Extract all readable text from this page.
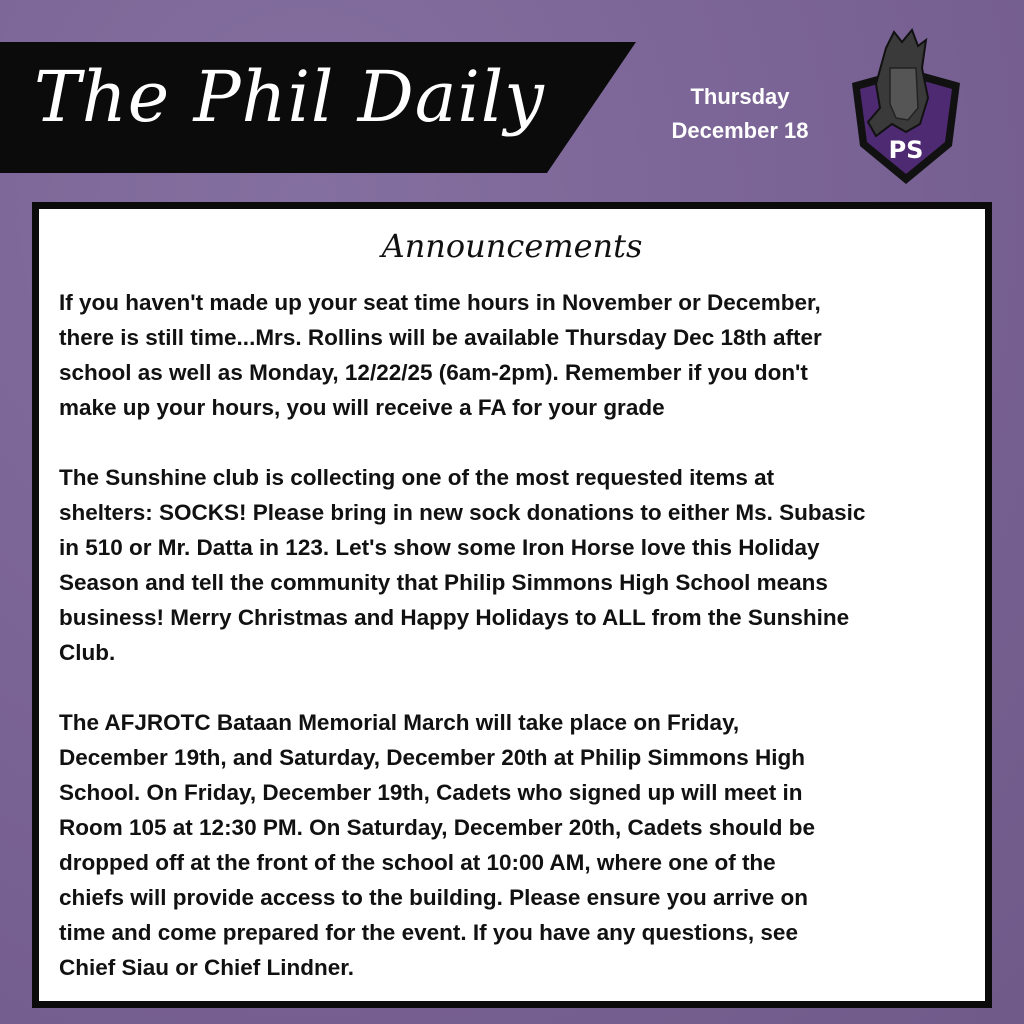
The Phil Daily	Thursday
December 18
PS
Announcements
If you haven't made up your seat time hours in November or December,
there is still time...Mrs. Rollins will be available Thursday Dec 18th after
school as well as Monday, 12/22/25 (6am-2pm). Remember if you don't
make up your hours, you will receive a FA for your grade
The Sunshine club is collecting one of the most requested items at
shelters: SOCKS! Please bring in new sock donations to either Ms. Subasic
in 510 or Mr. Datta in 123. Let's show some Iron Horse love this Holiday
Season and tell the community that Philip Simmons High School means
business! Merry Christmas and Happy Holidays to ALL from the Sunshine
Club.
The AFJROTC Bataan Memorial March will take place on Friday,
December 19th, and Saturday, December 20th at Philip Simmons High
School. On Friday, December 19th, Cadets who signed up will meet in
Room 105 at 12:30 PM. On Saturday, December 20th, Cadets should be
dropped off at the front of the school at 10:00 AM, where one of the
chiefs will provide access to the building. Please ensure you arrive on
time and come prepared for the event. If you have any questions, see
Chief Siau or Chief Lindner.
